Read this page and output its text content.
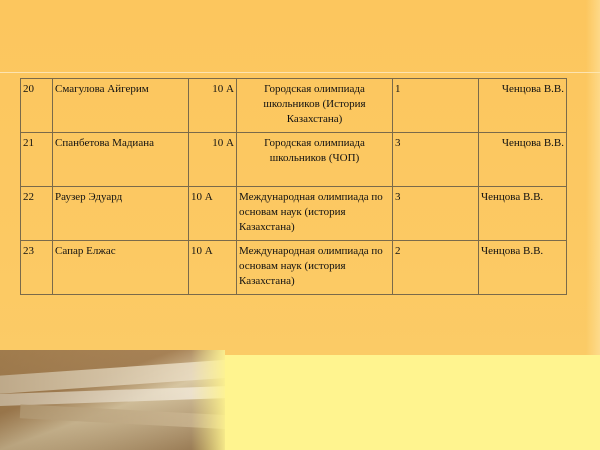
20	Смагулова Айгерим	10 А	Городская олимпиада школьников (История Казахстана)	1	Ченцова В.В.
21	Спанбетова Мадиана	10 А	Городская олимпиада школьников (ЧОП)	3	Ченцова В.В.
22	Раузер Эдуард	10 А	Международная олимпиада по основам наук (история Казахстана)	3	Ченцова В.В.
23	Сапар Елжас	10 А	Международная олимпиада по основам наук (история Казахстана)	2	Ченцова В.В.
